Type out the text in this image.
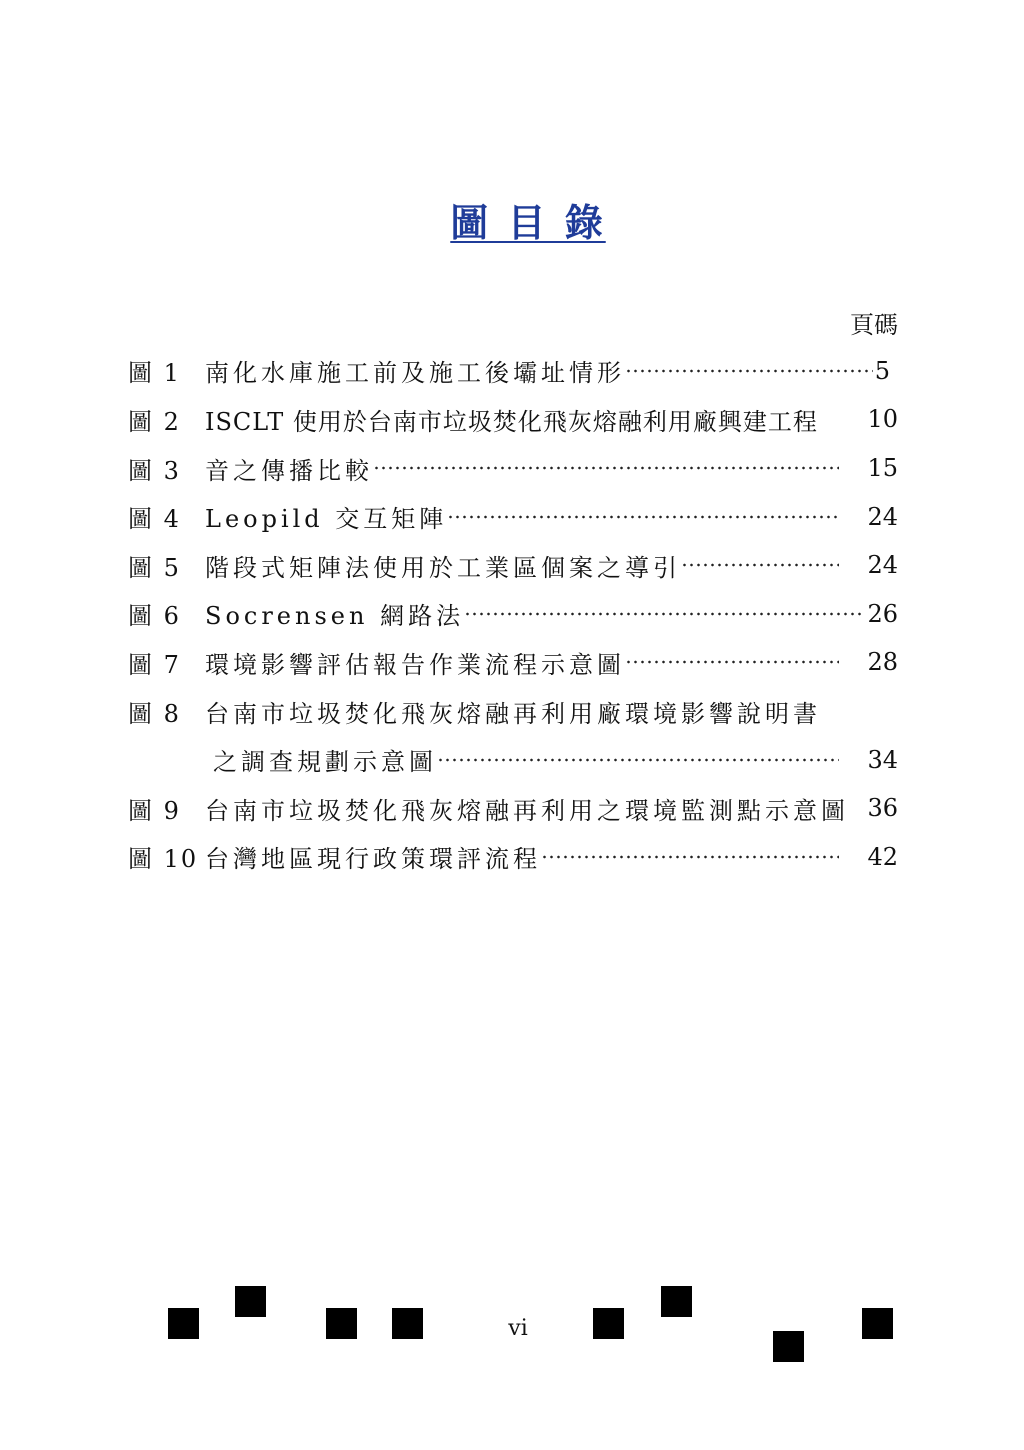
圖 目 錄
頁碼
圖 1	南化水庫施工前及施工後壩址情形	5
圖 2	ISCLT 使用於台南市垃圾焚化飛灰熔融利用廠興建工程 10
圖 3	音之傳播比較	15
圖 4	Leopild 交互矩陣	24
圖 5	階段式矩陣法使用於工業區個案之導引	24
圖 6	Socrensen 網路法	26
圖 7	環境影響評估報告作業流程示意圖	28
圖 8	台南市垃圾焚化飛灰熔融再利用廠環境影響說明書
之調查規劃示意圖	34
圖 9	台南市垃圾焚化飛灰熔融再利用之環境監測點示意圖 36
圖 10 台灣地區現行政策環評流程	42
vi
